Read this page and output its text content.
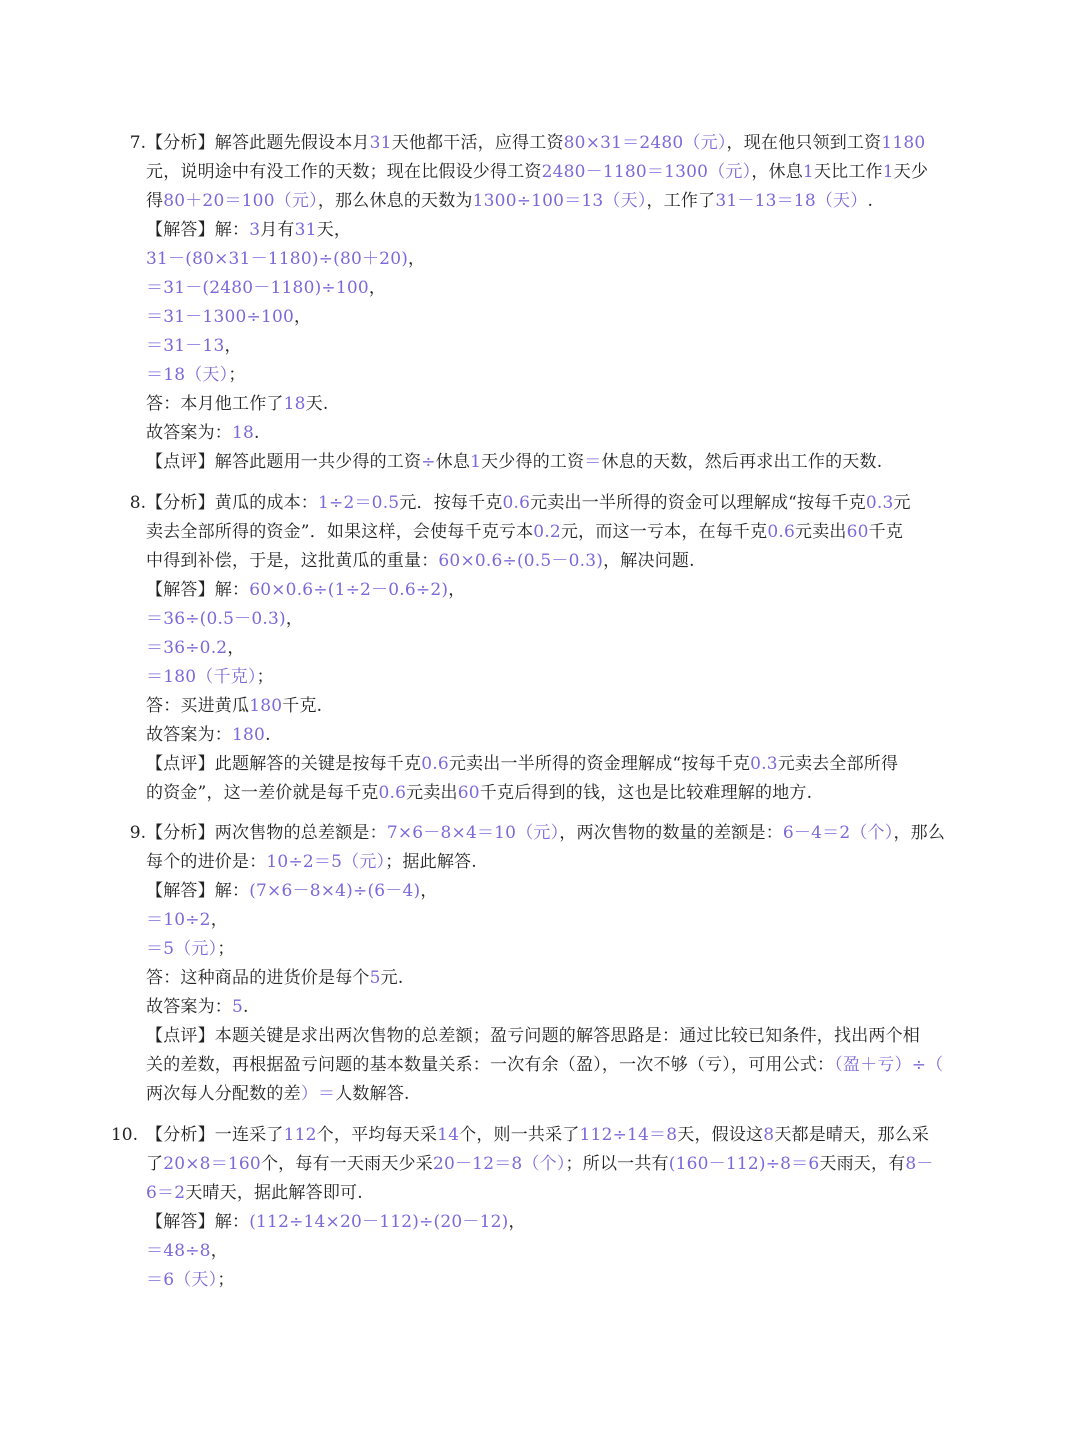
7. 【分析】解答此题先假设本月31天他都干活，应得工资80×31＝2480（元），现在他只领到工资1180
元，说明途中有没工作的天数；现在比假设少得工资2480－1180＝1300（元），休息1天比工作1天少
得80＋20＝100（元），那么休息的天数为1300÷100＝13（天），工作了31－13＝18（天）.
【解答】解：3月有31天，
31－(80×31－1180)÷(80＋20)，
＝31－(2480－1180)÷100，
＝31－1300÷100，
＝31－13，
＝18（天）；
答：本月他工作了18天.
故答案为：18.
【点评】解答此题用一共少得的工资÷休息1天少得的工资＝休息的天数，然后再求出工作的天数.
8. 【分析】黄瓜的成本：1÷2＝0.5元．按每千克0.6元卖出一半所得的资金可以理解成“按每千克0.3元
卖去全部所得的资金”．如果这样，会使每千克亏本0.2元，而这一亏本，在每千克0.6元卖出60千克
中得到补偿，于是，这批黄瓜的重量：60×0.6÷(0.5－0.3)，解决问题.
【解答】解：60×0.6÷(1÷2－0.6÷2)，
＝36÷(0.5－0.3)，
＝36÷0.2，
＝180（千克）；
答：买进黄瓜180千克.
故答案为：180.
【点评】此题解答的关键是按每千克0.6元卖出一半所得的资金理解成“按每千克0.3元卖去全部所得
的资金”，这一差价就是每千克0.6元卖出60千克后得到的钱，这也是比较难理解的地方.
9. 【分析】两次售物的总差额是：7×6－8×4＝10（元），两次售物的数量的差额是：6－4＝2（个），那么
每个的进价是：10÷2＝5（元）；据此解答.
【解答】解：(7×6－8×4)÷(6－4)，
＝10÷2，
＝5（元）；
答：这种商品的进货价是每个5元.
故答案为：5.
【点评】本题关键是求出两次售物的总差额；盈亏问题的解答思路是：通过比较已知条件，找出两个相
关的差数，再根据盈亏问题的基本数量关系：一次有余（盈），一次不够（亏），可用公式：（盈＋亏）÷（
两次每人分配数的差）＝人数解答.
10. 【分析】一连采了112个，平均每天采14个，则一共采了112÷14＝8天，假设这8天都是晴天，那么采
了20×8＝160个，每有一天雨天少采20－12＝8（个）；所以一共有(160－112)÷8＝6天雨天，有8－
6＝2天晴天，据此解答即可.
【解答】解：(112÷14×20－112)÷(20－12)，
＝48÷8，
＝6（天）；
